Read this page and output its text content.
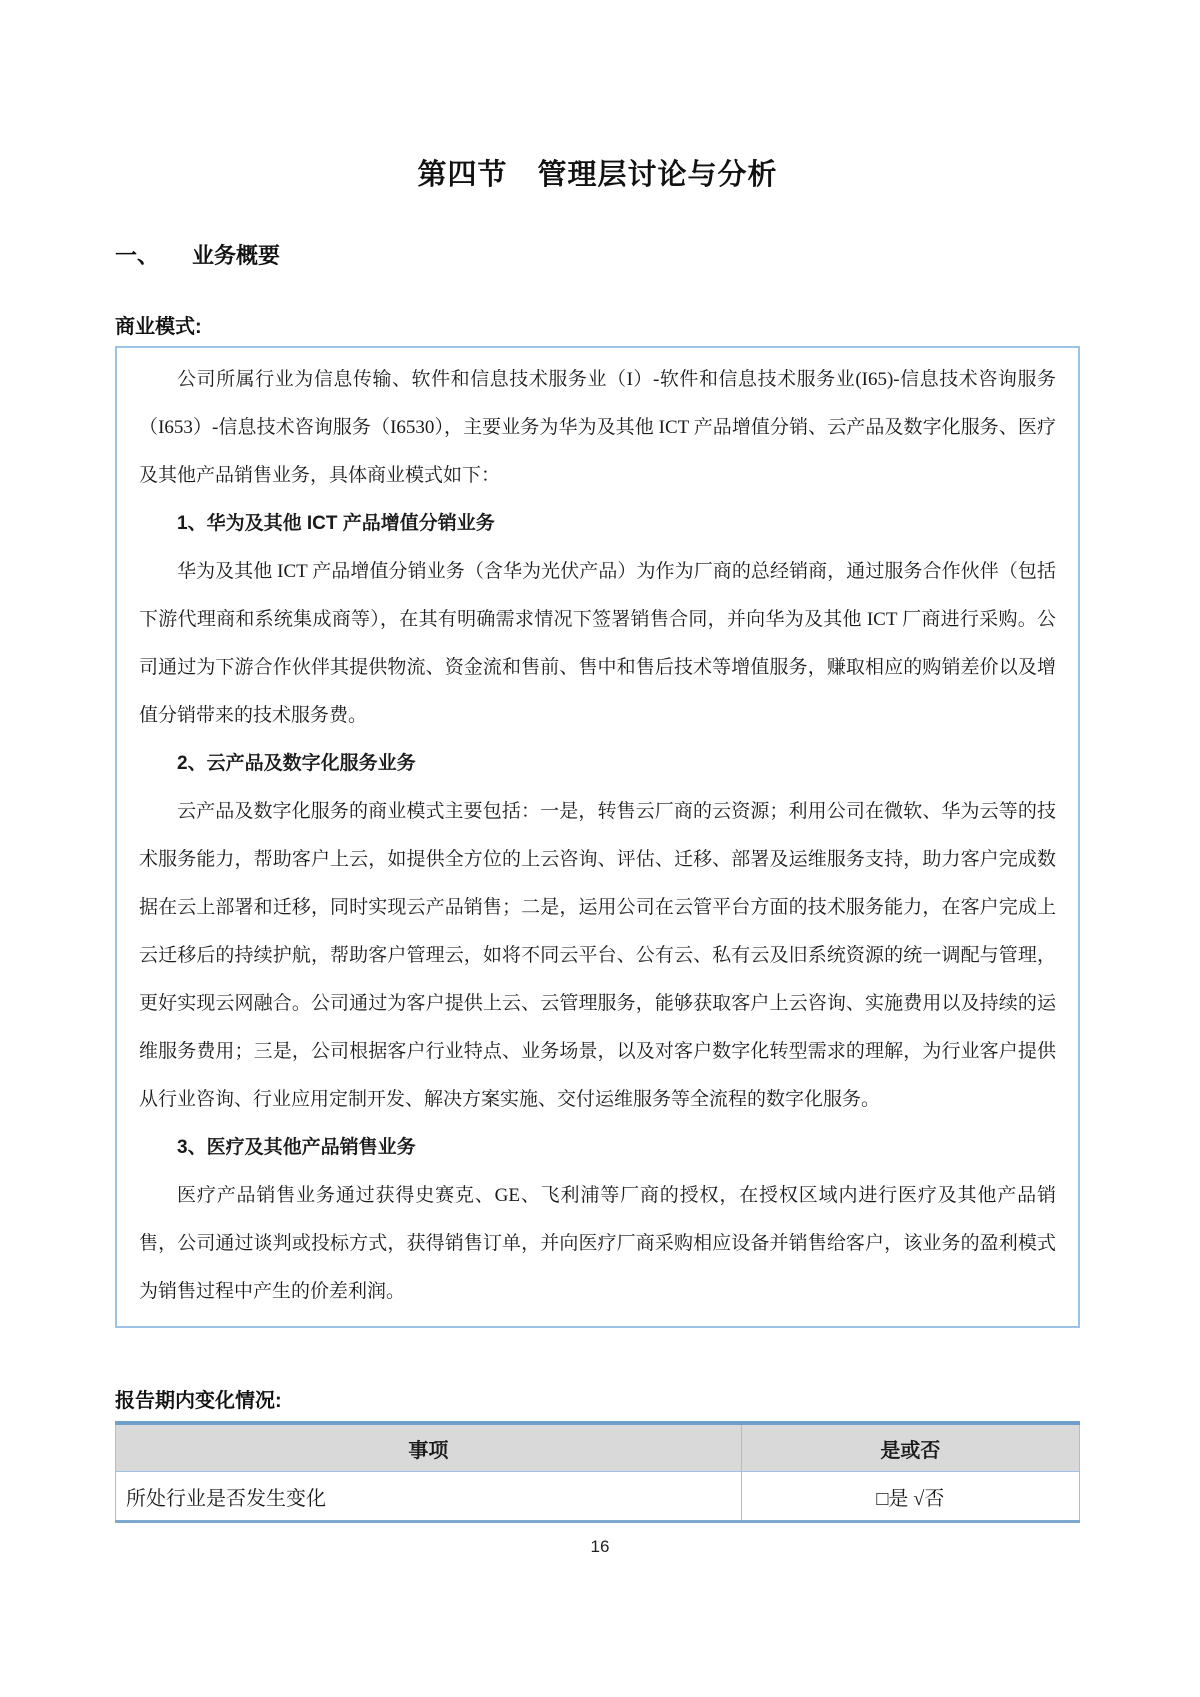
第四节　管理层讨论与分析
一、　　业务概要
商业模式:

公司所属行业为信息传输、软件和信息技术服务业（I）-软件和信息技术服务业(I65)-信息技术咨询服务（I653）-信息技术咨询服务（I6530），主要业务为华为及其他 ICT 产品增值分销、云产品及数字化服务、医疗及其他产品销售业务，具体商业模式如下：

1、华为及其他 ICT 产品增值分销业务

华为及其他 ICT 产品增值分销业务（含华为光伏产品）为作为厂商的总经销商，通过服务合作伙伴（包括下游代理商和系统集成商等），在其有明确需求情况下签署销售合同，并向华为及其他 ICT 厂商进行采购。公司通过为下游合作伙伴其提供物流、资金流和售前、售中和售后技术等增值服务，赚取相应的购销差价以及增值分销带来的技术服务费。

2、云产品及数字化服务业务

云产品及数字化服务的商业模式主要包括：一是，转售云厂商的云资源；利用公司在微软、华为云等的技术服务能力，帮助客户上云，如提供全方位的上云咨询、评估、迁移、部署及运维服务支持，助力客户完成数据在云上部署和迁移，同时实现云产品销售；二是，运用公司在云管平台方面的技术服务能力，在客户完成上云迁移后的持续护航，帮助客户管理云，如将不同云平台、公有云、私有云及旧系统资源的统一调配与管理，更好实现云网融合。公司通过为客户提供上云、云管理服务，能够获取客户上云咨询、实施费用以及持续的运维服务费用；三是，公司根据客户行业特点、业务场景，以及对客户数字化转型需求的理解，为行业客户提供从行业咨询、行业应用定制开发、解决方案实施、交付运维服务等全流程的数字化服务。

3、医疗及其他产品销售业务

医疗产品销售业务通过获得史赛克、GE、飞利浦等厂商的授权，在授权区域内进行医疗及其他产品销售，公司通过谈判或投标方式，获得销售订单，并向医疗厂商采购相应设备并销售给客户，该业务的盈利模式为销售过程中产生的价差利润。

报告期内变化情况:
事项	是或否
所处行业是否发生变化	□是 √否
16
